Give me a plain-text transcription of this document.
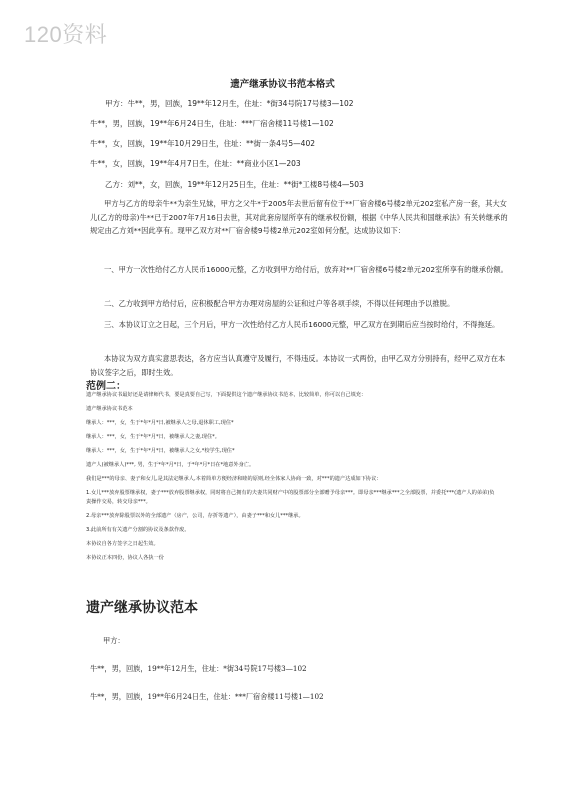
120资料
遗产继承协议书范本格式
甲方：牛**，男，回族，19**年12月生，住址：*街34号院17号楼3—102
牛**，男，回族，19**年6月24日生，住址：***厂宿舍楼11号楼1—102
牛**，女，回族，19**年10月29日生，住址：**街一条4号5—402
牛**，女，回族，19**年4月7日生，住址：**商业小区1—203
乙方：刘**，女，回族，19**年12月25日生，住址：**街*工楼8号楼4—503

甲方与乙方的母亲牛**为亲生兄妹，甲方之父牛*于2005年去世后留有位于**厂宿舍楼6号楼2单元202室私产房一套，其大女儿(乙方的母亲)牛**已于2007年7月16日去世，其对此套房屋所享有的继承权份额，根据《中华人民共和国继承法》有关转继承的规定由乙方刘**因此享有。现甲乙双方对**厂宿舍楼9号楼2单元202室如何分配，达成协议如下：

一、甲方一次性给付乙方人民币16000元整，乙方收到甲方给付后，放弃对**厂宿舍楼6号楼2单元202室所享有的继承份额。

二、乙方收到甲方给付后，应积极配合甲方办理对房屋的公证和过户等各项手续，不得以任何理由予以推脱。

三、本协议订立之日起，三个月后，甲方一次性给付乙方人民币16000元整，甲乙双方在到期后应当按时给付，不得拖延。

本协议为双方真实意思表达，各方应当认真遵守及履行，不得违反。本协议一式两份，由甲乙双方分别持有，经甲乙双方在本协议签字之后，即时生效。

范例二：
遗产继承协议书最好还是请律师代书，要是真要自己写，下面提供这个遗产继承协议书范本，比较简单，你可以自己填充：
遗产继承协议书范本
继承人：***，女，生于*年*月*日,被继承人之母,退休职工,现住*
继承人：***，女，生于*年*月*日，被继承人之妻,现住*。
继承人：***，女，生于*年*月*日，被继承人之女,*校学生,现住*
遗产人(被继承人)***, 男，生于*年*月*日，于*年*月*日在*地意外身亡。
我们是***的母亲、妻子和女儿,是其法定继承人,本着简单方便经济和睦的原则,经全体家人协商一致，对***的遗产达成如下协议：
1.女儿***放弃股票继承权，妻子***放弃股票继承权，同时将自己拥有的夫妻共同财产中的股票部分全部赠予母亲***。即母亲***继承***之全部股票，并委托***(遗产人的弟弟)负责操作交易，转交母亲***。
2.母亲***放弃除股票以外的全部遗产（房产，公司，存折等遗产），由妻子***和女儿***继承。
3.此前所有有关遗产分割的协议及条款作废。
本协议自各方签字之日起生效。
本协议正本四份，协议人各执一份
遗产继承协议范本
甲方：
牛**，男，回族，19**年12月生，住址：*街34号院17号楼3—102
牛**，男，回族，19**年6月24日生，住址：***厂宿舍楼11号楼1—102
